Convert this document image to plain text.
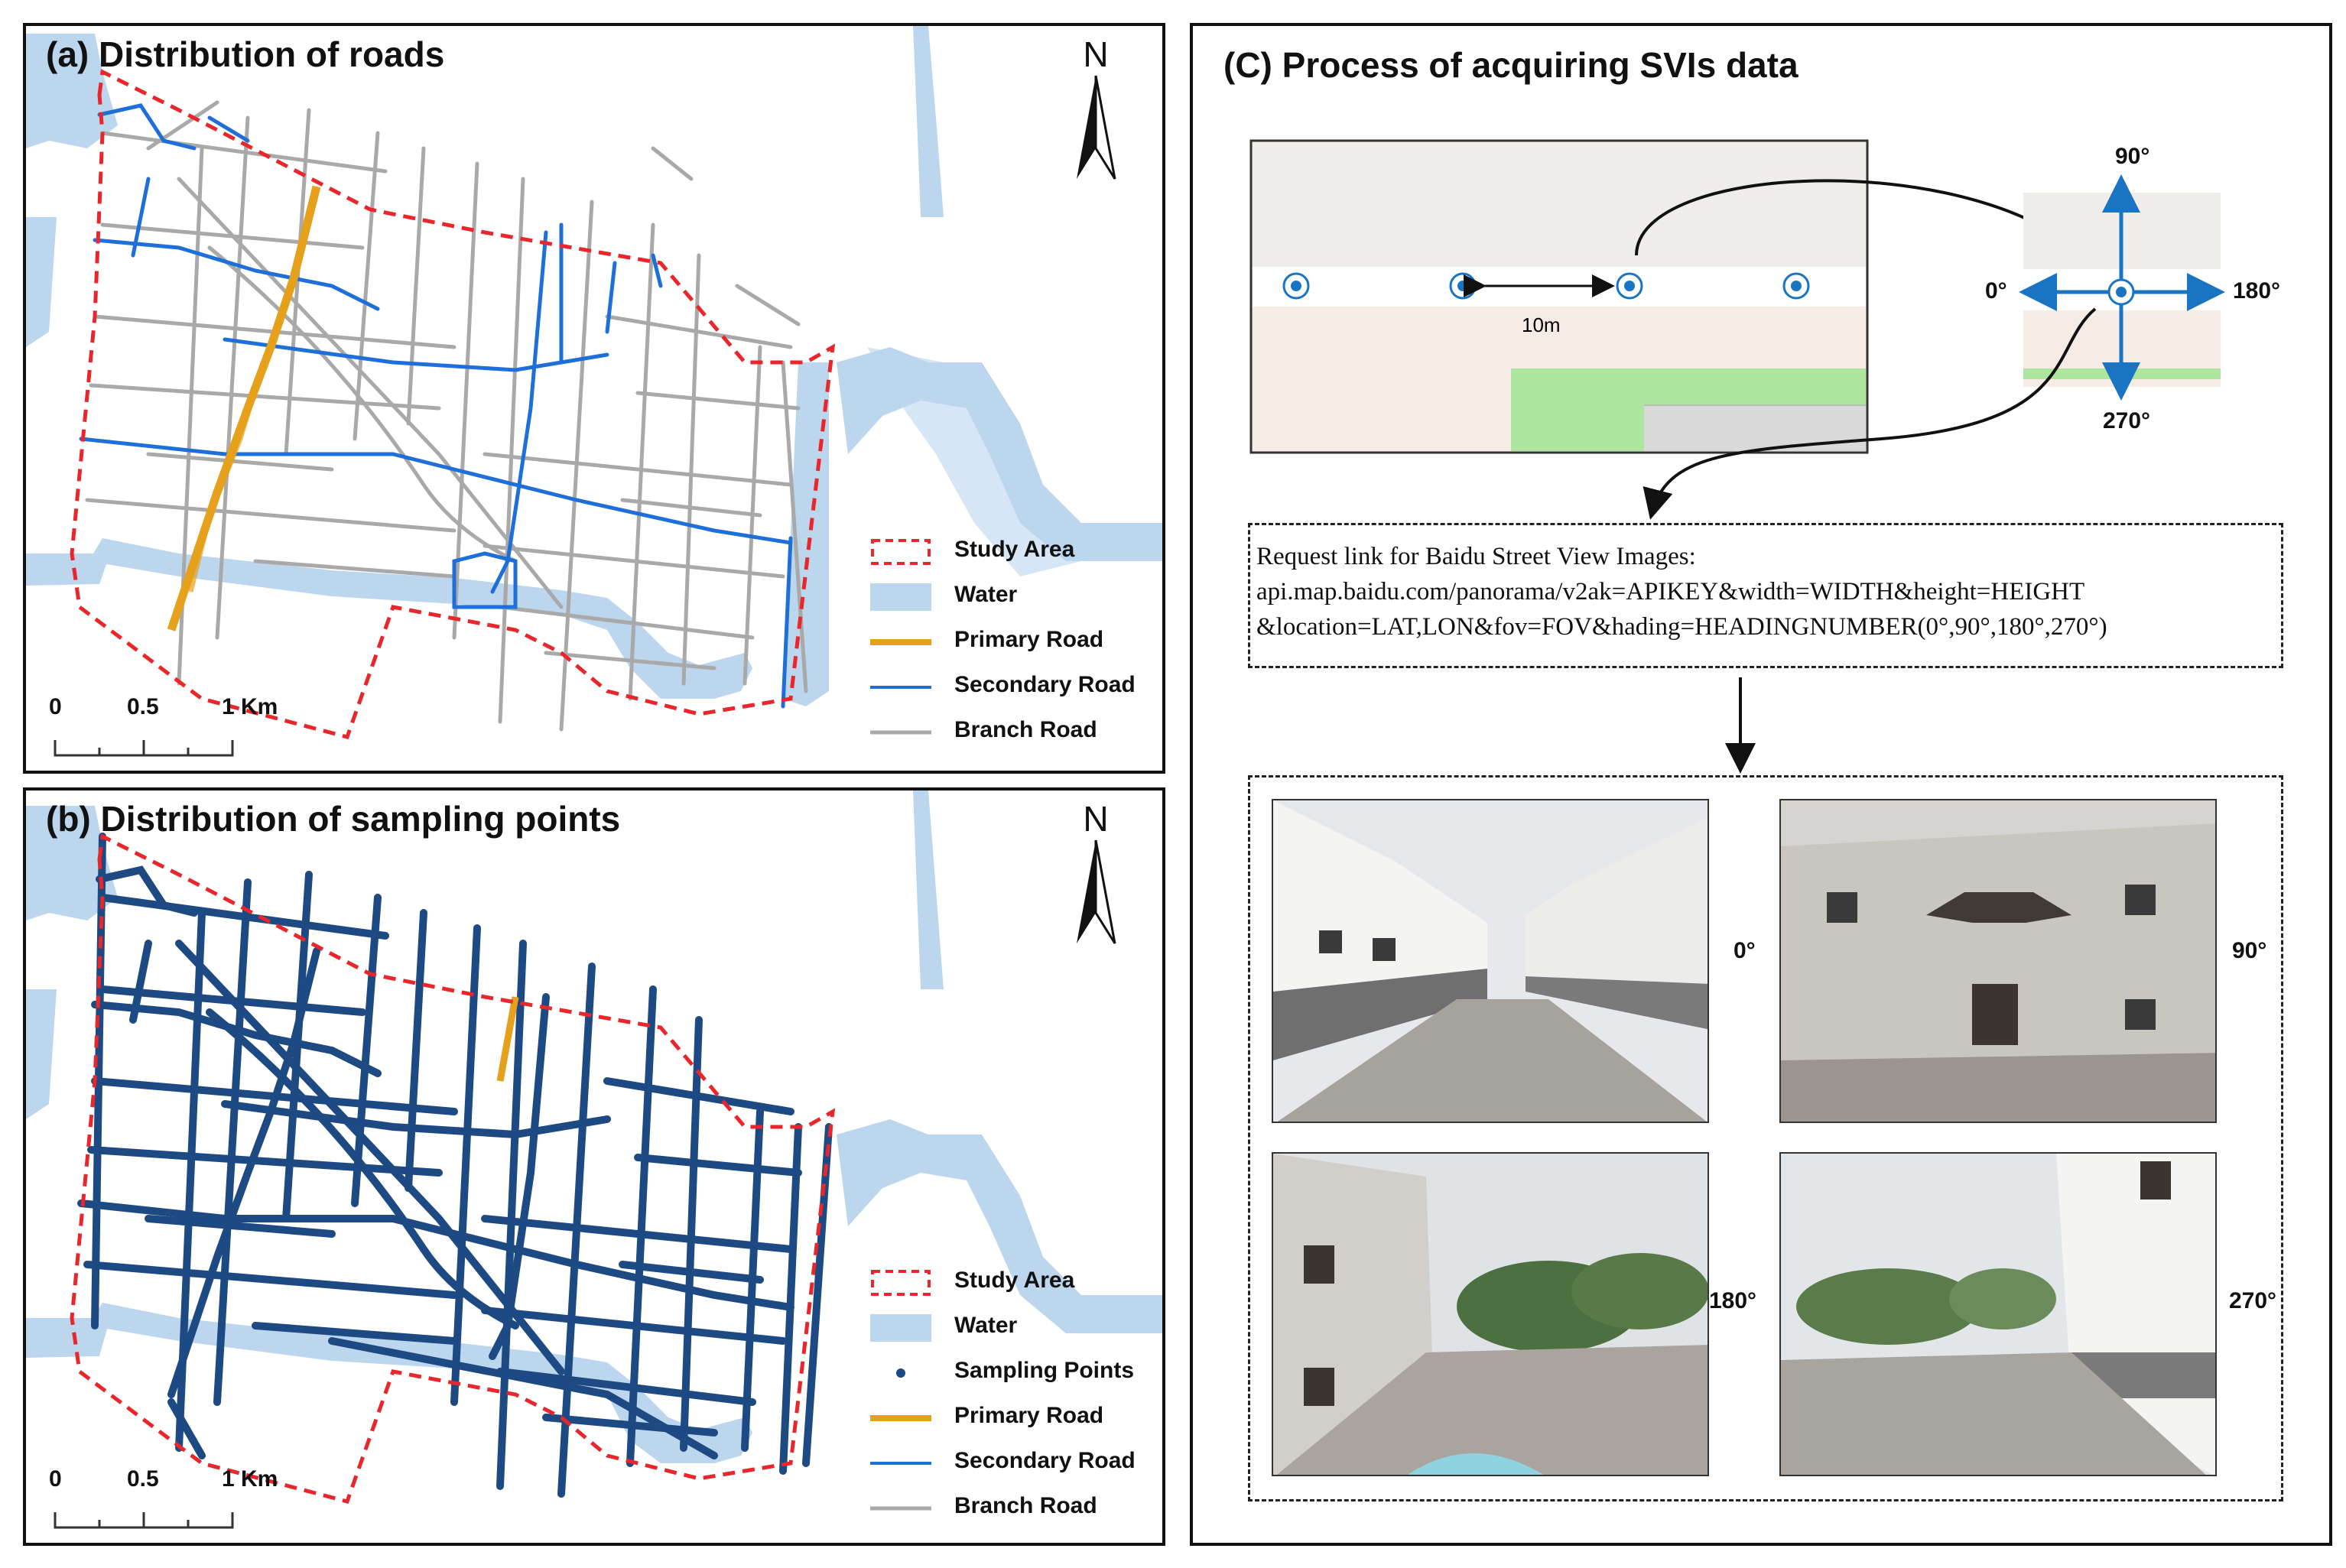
(a) Distribution of roads	N
0	0.5	1 Km
Study Area
Water
Primary Road
Secondary Road
Branch Road
(b) Distribution of sampling points	N
0	0.5	1 Km
Study Area
Water
Sampling Points
Primary Road
Secondary Road
Branch Road
(C) Process of acquiring SVIs data
10m
90°
0°	180°
270°
Request link for Baidu Street View Images:
api.map.baidu.com/panorama/v2ak=APIKEY&width=WIDTH&height=HEIGHT
&location=LAT,LON&fov=FOV&hading=HEADINGNUMBER(0°,90°,180°,270°)
0°	90°
180°	270°
